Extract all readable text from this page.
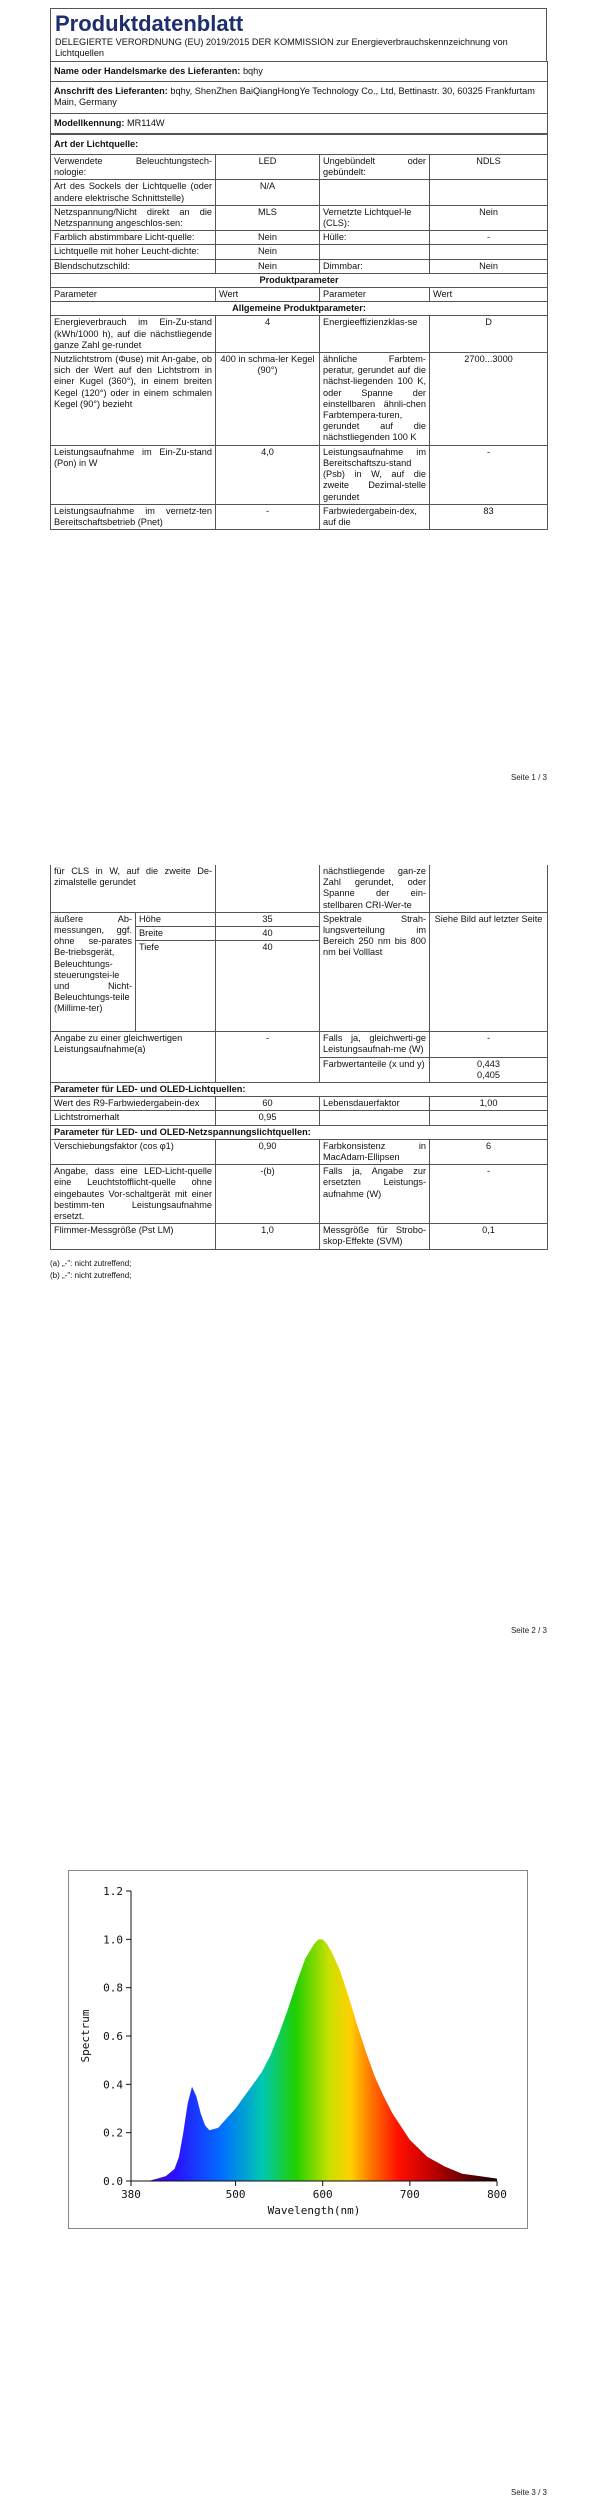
Produktdatenblatt
DELEGIERTE VERORDNUNG (EU) 2019/2015 DER KOMMISSION zur Energieverbrauchskennzeichnung von Lichtquellen
Name oder Handelsmarke des Lieferanten: bqhy
Anschrift des Lieferanten: bqhy, ShenZhen BaiQiangHongYe Technology Co., Ltd, Bettinastr. 30, 60325 Frankfurtam Main, Germany
Modellkennung: MR114W
Art der Lichtquelle:			
Verwendete Beleuchtungstech-nologie:	LED	Ungebündelt oder gebündelt:	NDLS
Art des Sockels der Lichtquelle (oder andere elektrische Schnittstelle)	N/A		
Netzspannung/Nicht direkt an die Netzspannung angeschlos-sen:	MLS	Vernetzte Lichtquel-le (CLS):	Nein
Farblich abstimmbare Licht-quelle:	Nein	Hülle:	-
Lichtquelle mit hoher Leucht-dichte:	Nein		
Blendschutzschild:	Nein	Dimmbar:	Nein
Produktparameter			
Parameter	Wert	Parameter	Wert
Allgemeine Produktparameter:			
Energieverbrauch im Ein-Zu-stand (kWh/1000 h), auf die nächstliegende ganze Zahl ge-rundet	4	Energieeffizienzklas-se	D
Nutzlichtstrom (Φuse) mit An-gabe, ob sich der Wert auf den Lichtstrom in einer Kugel (360°), in einem breiten Kegel (120°) oder in einem schmalen Kegel (90°) bezieht	400 in schma-ler Kegel (90°)	ähnliche Farbtem-peratur, gerundet auf die nächst-liegenden 100 K, oder Spanne der einstellbaren ähnli-chen Farbtempera-turen, gerundet auf die nächstliegenden 100 K	2700...3000
Leistungsaufnahme im Ein-Zu-stand (Pon) in W	4,0	Leistungsaufnahme im Bereitschaftszu-stand (Psb) in W, auf die zweite Dezimal-stelle gerundet	-
Leistungsaufnahme im vernetz-ten Bereitschaftsbetrieb (Pnet)	-	Farbwiedergabein-dex, auf die	83
Seite 1 / 3
für CLS in W, auf die zweite De-zimalstelle gerundet			nächstliegende gan-ze Zahl gerundet, oder Spanne der ein-stellbaren CRI-Wer-te	
äußere Ab-messungen, ggf. ohne se-parates Be-triebsgerät, Beleuchtungs-steuerungstei-le und Nicht-Beleuchtungs-teile (Millime-ter)	Höhe	35	Spektrale Strah-lungsverteilung im Bereich 250 nm bis 800 nm bei Volllast	Siehe Bild auf letzter Seite
	Breite	40		
	Tiefe	40		
Angabe zu einer gleichwertigen Leistungsaufnahme(a)		-	Falls ja, gleichwerti-ge Leistungsaufnah-me (W)	-
			Farbwertanteile (x und y)	0,443
0,405

Parameter für LED- und OLED-Lichtquellen:				
Wert des R9-Farbwiedergabein-dex		60	Lebensdauerfaktor	1,00
Lichtstromerhalt		0,95		
Parameter für LED- und OLED-Netzspannungslichtquellen:				
Verschiebungsfaktor (cos φ1)		0,90	Farbkonsistenz in MacAdam-Ellipsen	6
Angabe, dass eine LED-Licht-quelle eine Leuchtstofflicht-quelle ohne eingebautes Vor-schaltgerät mit einer bestimm-ten Leistungsaufnahme ersetzt.		-(b)	Falls ja, Angabe zur ersetzten Leistungs-aufnahme (W)	-
Flimmer-Messgröße (Pst LM)		1,0	Messgröße für Strobo-skop-Effekte (SVM)	0,1
(a) „-": nicht zutreffend;
(b) „-": nicht zutreffend;
Seite 2 / 3
0.0
0.2
0.4
0.6
0.8
1.0
1.2
380	500	600	700	800
Wavelength(nm)
Spectrum
Seite 3 / 3
